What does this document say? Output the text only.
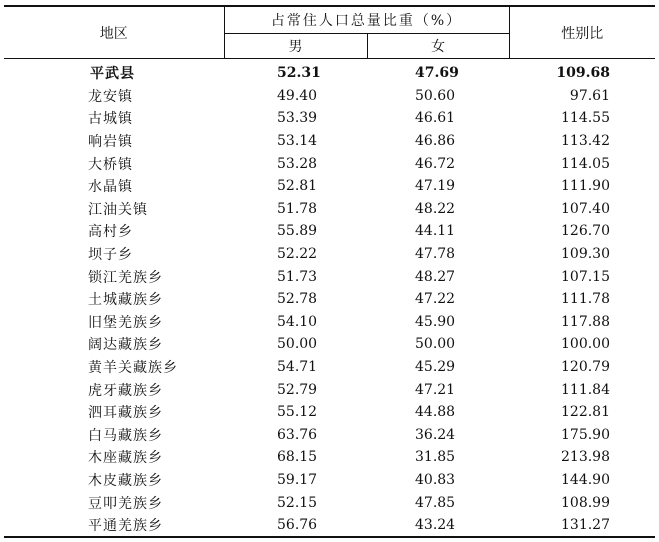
地区	占常住人口总量比重（%）		性别比
	男	女	

平武县	52.31	47.69	109.68
龙安镇	49.40	50.60	97.61
古城镇	53.39	46.61	114.55
响岩镇	53.14	46.86	113.42
大桥镇	53.28	46.72	114.05
水晶镇	52.81	47.19	111.90
江油关镇	51.78	48.22	107.40
高村乡	55.89	44.11	126.70
坝子乡	52.22	47.78	109.30
锁江羌族乡	51.73	48.27	107.15
土城藏族乡	52.78	47.22	111.78
旧堡羌族乡	54.10	45.90	117.88
阔达藏族乡	50.00	50.00	100.00
黄羊关藏族乡	54.71	45.29	120.79
虎牙藏族乡	52.79	47.21	111.84
泗耳藏族乡	55.12	44.88	122.81
白马藏族乡	63.76	36.24	175.90
木座藏族乡	68.15	31.85	213.98
木皮藏族乡	59.17	40.83	144.90
豆叩羌族乡	52.15	47.85	108.99
平通羌族乡	56.76	43.24	131.27
